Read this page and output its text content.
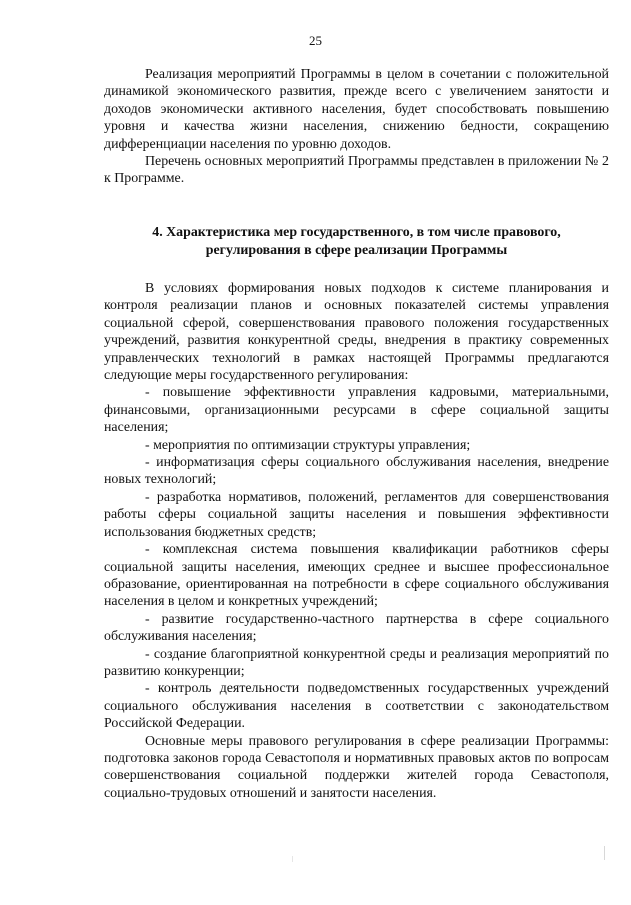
25

Реализация мероприятий Программы в целом в сочетании с положительной динамикой экономического развития, прежде всего с увеличением занятости и доходов экономически активного населения, будет способствовать повышению уровня и качества жизни населения, снижению бедности, сокращению дифференциации населения по уровню доходов.

Перечень основных мероприятий Программы представлен в приложении № 2 к Программе.

4. Характеристика мер государственного, в том числе правового,
регулирования в сфере реализации Программы

В условиях формирования новых подходов к системе планирования и контроля реализации планов и основных показателей системы управления социальной сферой, совершенствования правового положения государственных учреждений, развития конкурентной среды, внедрения в практику современных управленческих технологий в рамках настоящей Программы предлагаются следующие меры государственного регулирования:

- повышение эффективности управления кадровыми, материальными, финансовыми, организационными ресурсами в сфере социальной защиты населения;

- мероприятия по оптимизации структуры управления;

- информатизация сферы социального обслуживания населения, внедрение новых технологий;

- разработка нормативов, положений, регламентов для совершенствования работы сферы социальной защиты населения и повышения эффективности использования бюджетных средств;

- комплексная система повышения квалификации работников сферы социальной защиты населения, имеющих среднее и высшее профессиональное образование, ориентированная на потребности в сфере социального обслуживания населения в целом и конкретных учреждений;

- развитие государственно-частного партнерства в сфере социального обслуживания населения;

- создание благоприятной конкурентной среды и реализация мероприятий по развитию конкуренции;

- контроль деятельности подведомственных государственных учреждений социального обслуживания населения в соответствии с законодательством Российской Федерации.

Основные меры правового регулирования в сфере реализации Программы: подготовка законов города Севастополя и нормативных правовых актов по вопросам совершенствования социальной поддержки жителей города Севастополя, социально-трудовых отношений и занятости населения.
